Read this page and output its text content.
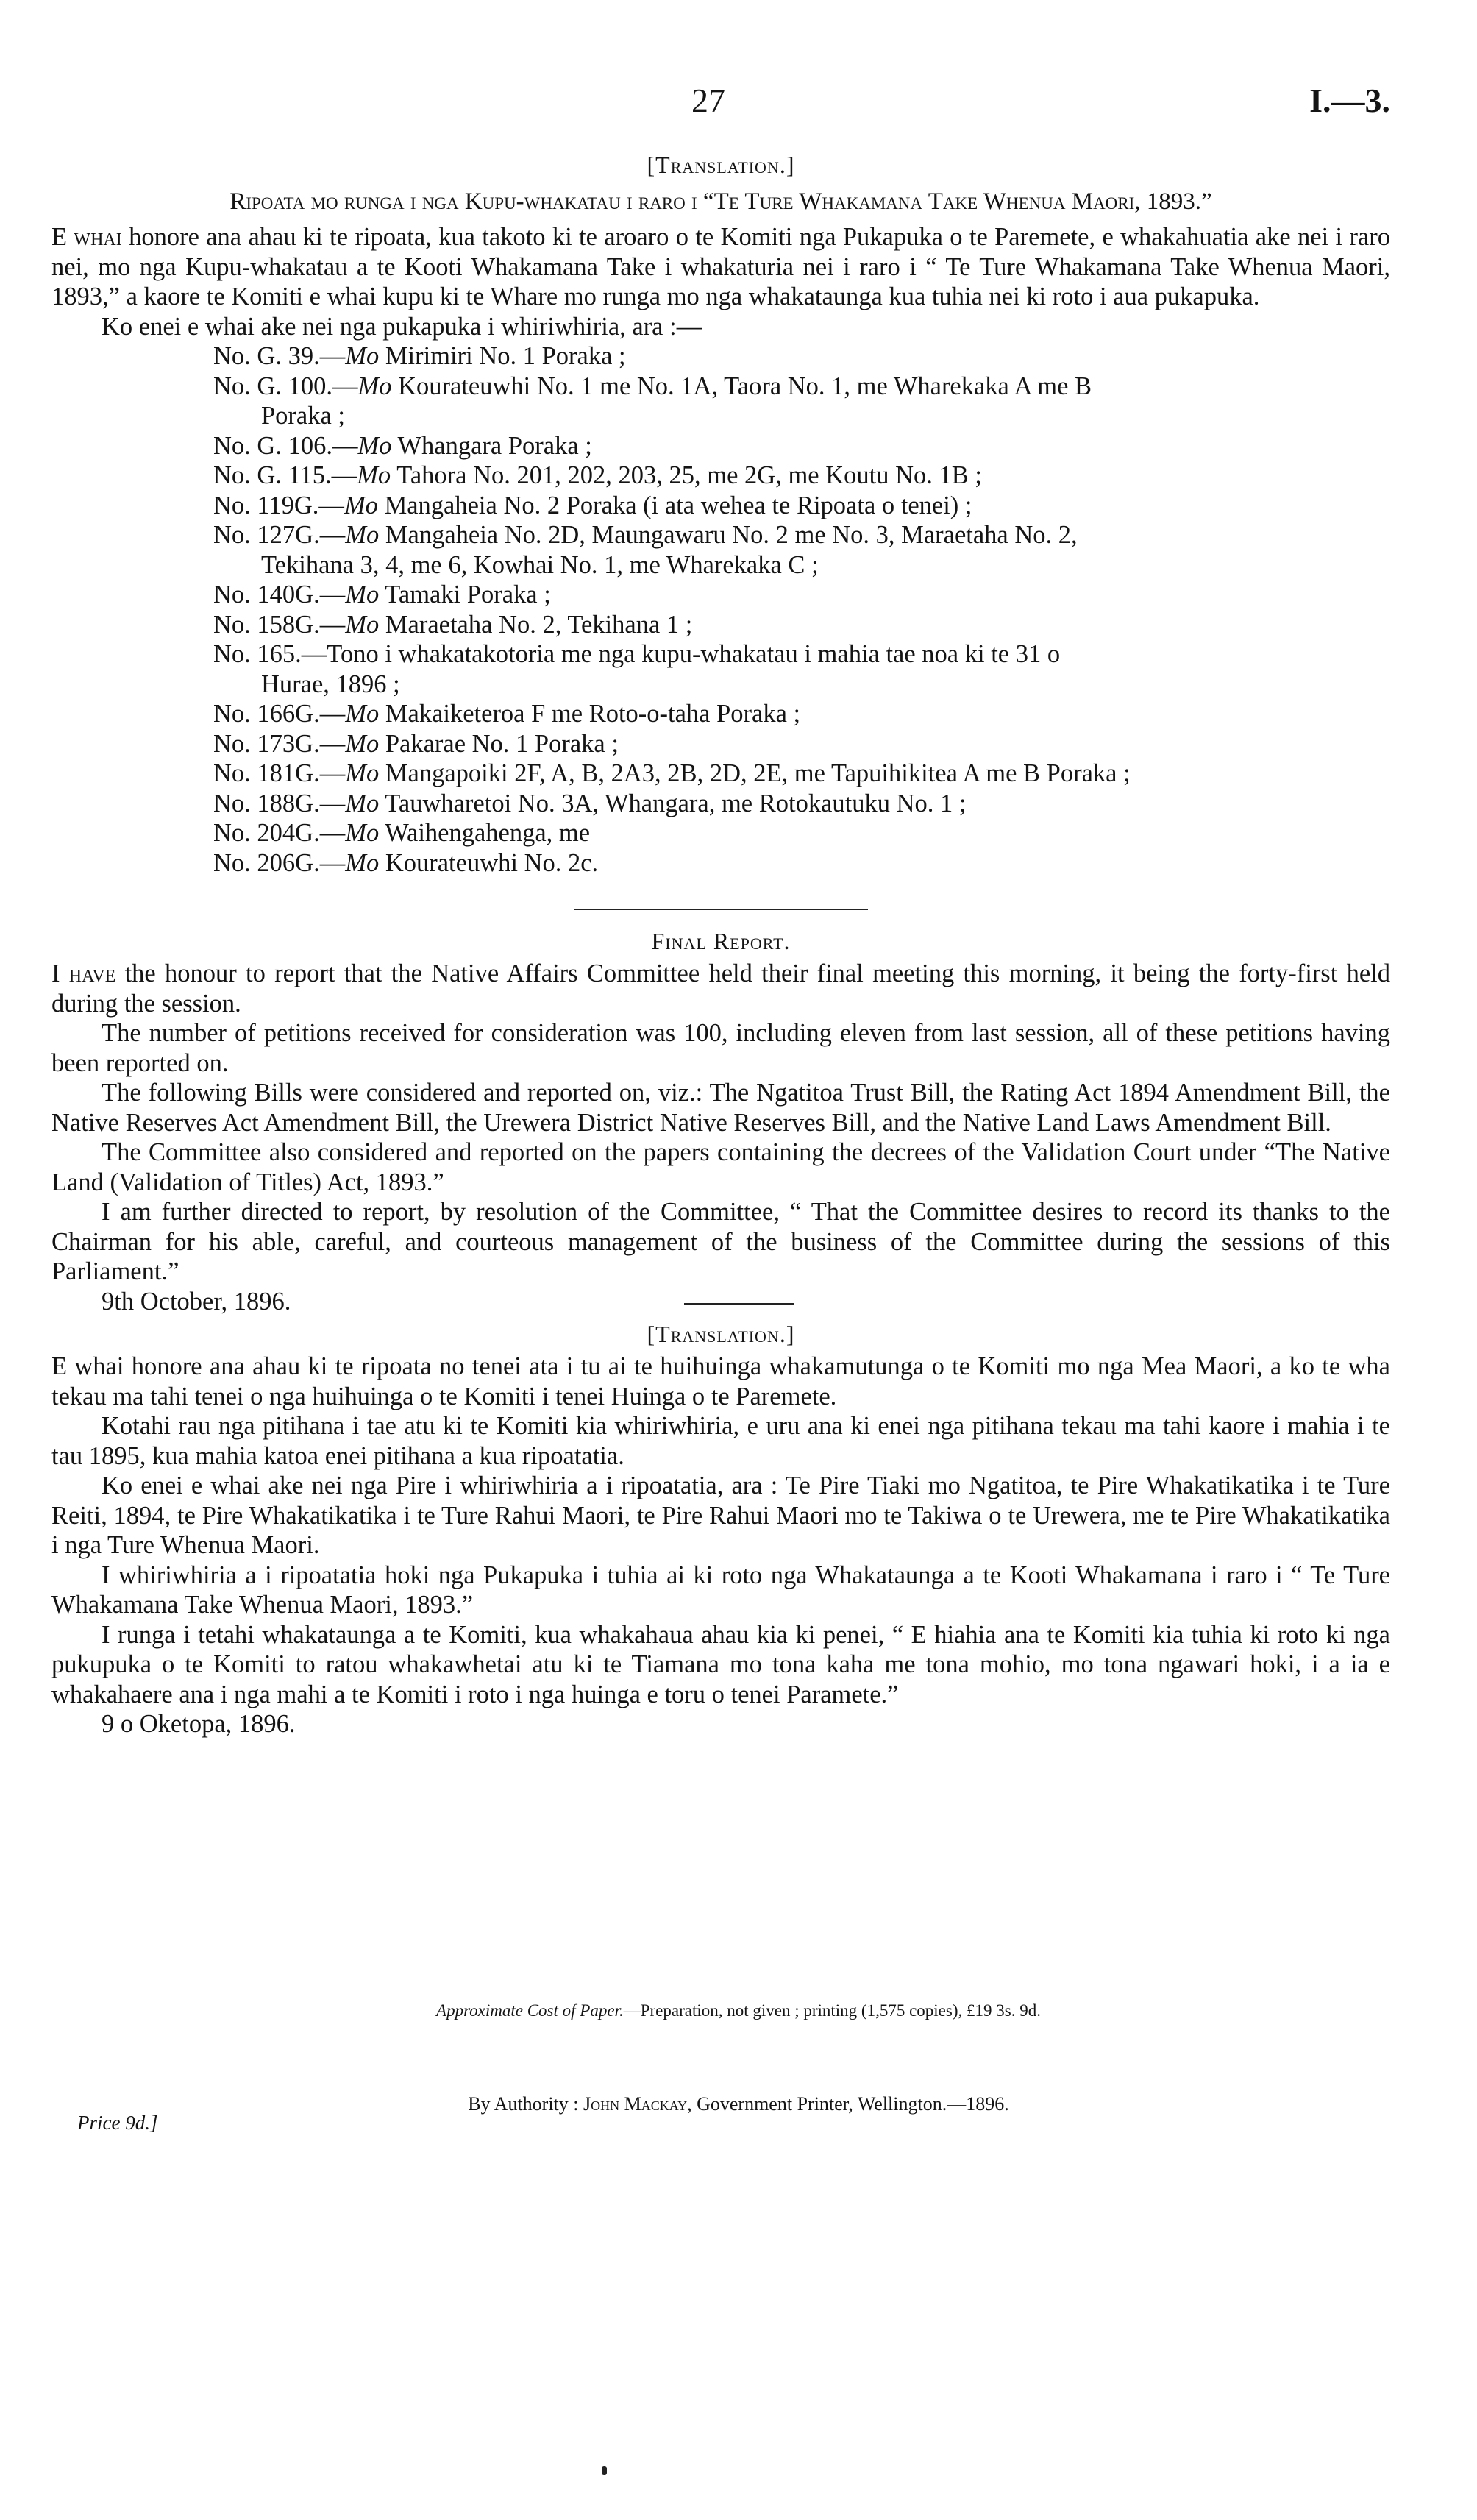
27	I.—3.
[Translation.]
Ripoata mo runga i nga Kupu-whakatau i raro i “Te Ture Whakamana Take Whenua Maori, 1893.”

E whai honore ana ahau ki te ripoata, kua takoto ki te aroaro o te Komiti nga Pukapuka o te Paremete, e whakahuatia ake nei i raro nei, mo nga Kupu-whakatau a te Kooti Whakamana Take i whakaturia nei i raro i “ Te Ture Whakamana Take Whenua Maori, 1893,” a kaore te Komiti e whai kupu ki te Whare mo runga mo nga whakataunga kua tuhia nei ki roto i aua pukapuka.

Ko enei e whai ake nei nga pukapuka i whiriwhiria, ara :—

No. G. 39.—Mo Mirimiri No. 1 Poraka ;
No. G. 100.—Mo Kourateuwhi No. 1 me No. 1A, Taora No. 1, me Wharekaka A me B
Poraka ;
No. G. 106.—Mo Whangara Poraka ;
No. G. 115.—Mo Tahora No. 201, 202, 203, 25, me 2G, me Koutu No. 1B ;
No. 119G.—Mo Mangaheia No. 2 Poraka (i ata wehea te Ripoata o tenei) ;
No. 127G.—Mo Mangaheia No. 2D, Maungawaru No. 2 me No. 3, Maraetaha No. 2,
Tekihana 3, 4, me 6, Kowhai No. 1, me Wharekaka C ;
No. 140G.—Mo Tamaki Poraka ;
No. 158G.—Mo Maraetaha No. 2, Tekihana 1 ;
No. 165.—Tono i whakatakotoria me nga kupu-whakatau i mahia tae noa ki te 31 o
Hurae, 1896 ;
No. 166G.—Mo Makaiketeroa F me Roto-o-taha Poraka ;
No. 173G.—Mo Pakarae No. 1 Poraka ;
No. 181G.—Mo Mangapoiki 2F, A, B, 2A3, 2B, 2D, 2E, me Tapuihikitea A me B Poraka ;
No. 188G.—Mo Tauwharetoi No. 3A, Whangara, me Rotokautuku No. 1 ;
No. 204G.—Mo Waihengahenga, me
No. 206G.—Mo Kourateuwhi No. 2c.
Final Report.

I have the honour to report that the Native Affairs Committee held their final meeting this morning, it being the forty-first held during the session.

The number of petitions received for consideration was 100, including eleven from last session, all of these petitions having been reported on.

The following Bills were considered and reported on, viz.: The Ngatitoa Trust Bill, the Rating Act 1894 Amendment Bill, the Native Reserves Act Amendment Bill, the Urewera District Native Reserves Bill, and the Native Land Laws Amendment Bill.

The Committee also considered and reported on the papers containing the decrees of the Validation Court under “The Native Land (Validation of Titles) Act, 1893.”

I am further directed to report, by resolution of the Committee, “ That the Committee desires to record its thanks to the Chairman for his able, careful, and courteous management of the business of the Committee during the sessions of this Parliament.”

9th October, 1896.
[Translation.]

E whai honore ana ahau ki te ripoata no tenei ata i tu ai te huihuinga whakamutunga o te Komiti mo nga Mea Maori, a ko te wha tekau ma tahi tenei o nga huihuinga o te Komiti i tenei Huinga o te Paremete.

Kotahi rau nga pitihana i tae atu ki te Komiti kia whiriwhiria, e uru ana ki enei nga pitihana tekau ma tahi kaore i mahia i te tau 1895, kua mahia katoa enei pitihana a kua ripoatatia.

Ko enei e whai ake nei nga Pire i whiriwhiria a i ripoatatia, ara : Te Pire Tiaki mo Ngatitoa, te Pire Whakatikatika i te Ture Reiti, 1894, te Pire Whakatikatika i te Ture Rahui Maori, te Pire Rahui Maori mo te Takiwa o te Urewera, me te Pire Whakatikatika i nga Ture Whenua Maori.

I whiriwhiria a i ripoatatia hoki nga Pukapuka i tuhia ai ki roto nga Whakataunga a te Kooti Whakamana i raro i “ Te Ture Whakamana Take Whenua Maori, 1893.”

I runga i tetahi whakataunga a te Komiti, kua whakahaua ahau kia ki penei, “ E hiahia ana te Komiti kia tuhia ki roto ki nga pukupuka o te Komiti to ratou whakawhetai atu ki te Tiamana mo tona kaha me tona mohio, mo tona ngawari hoki, i a ia e whakahaere ana i nga mahi a te Komiti i roto i nga huinga e toru o tenei Paramete.”

9 o Oketopa, 1896.
Approximate Cost of Paper.—Preparation, not given ; printing (1,575 copies), £19 3s. 9d.
By Authority : John Mackay, Government Printer, Wellington.—1896.
Price 9d.]
